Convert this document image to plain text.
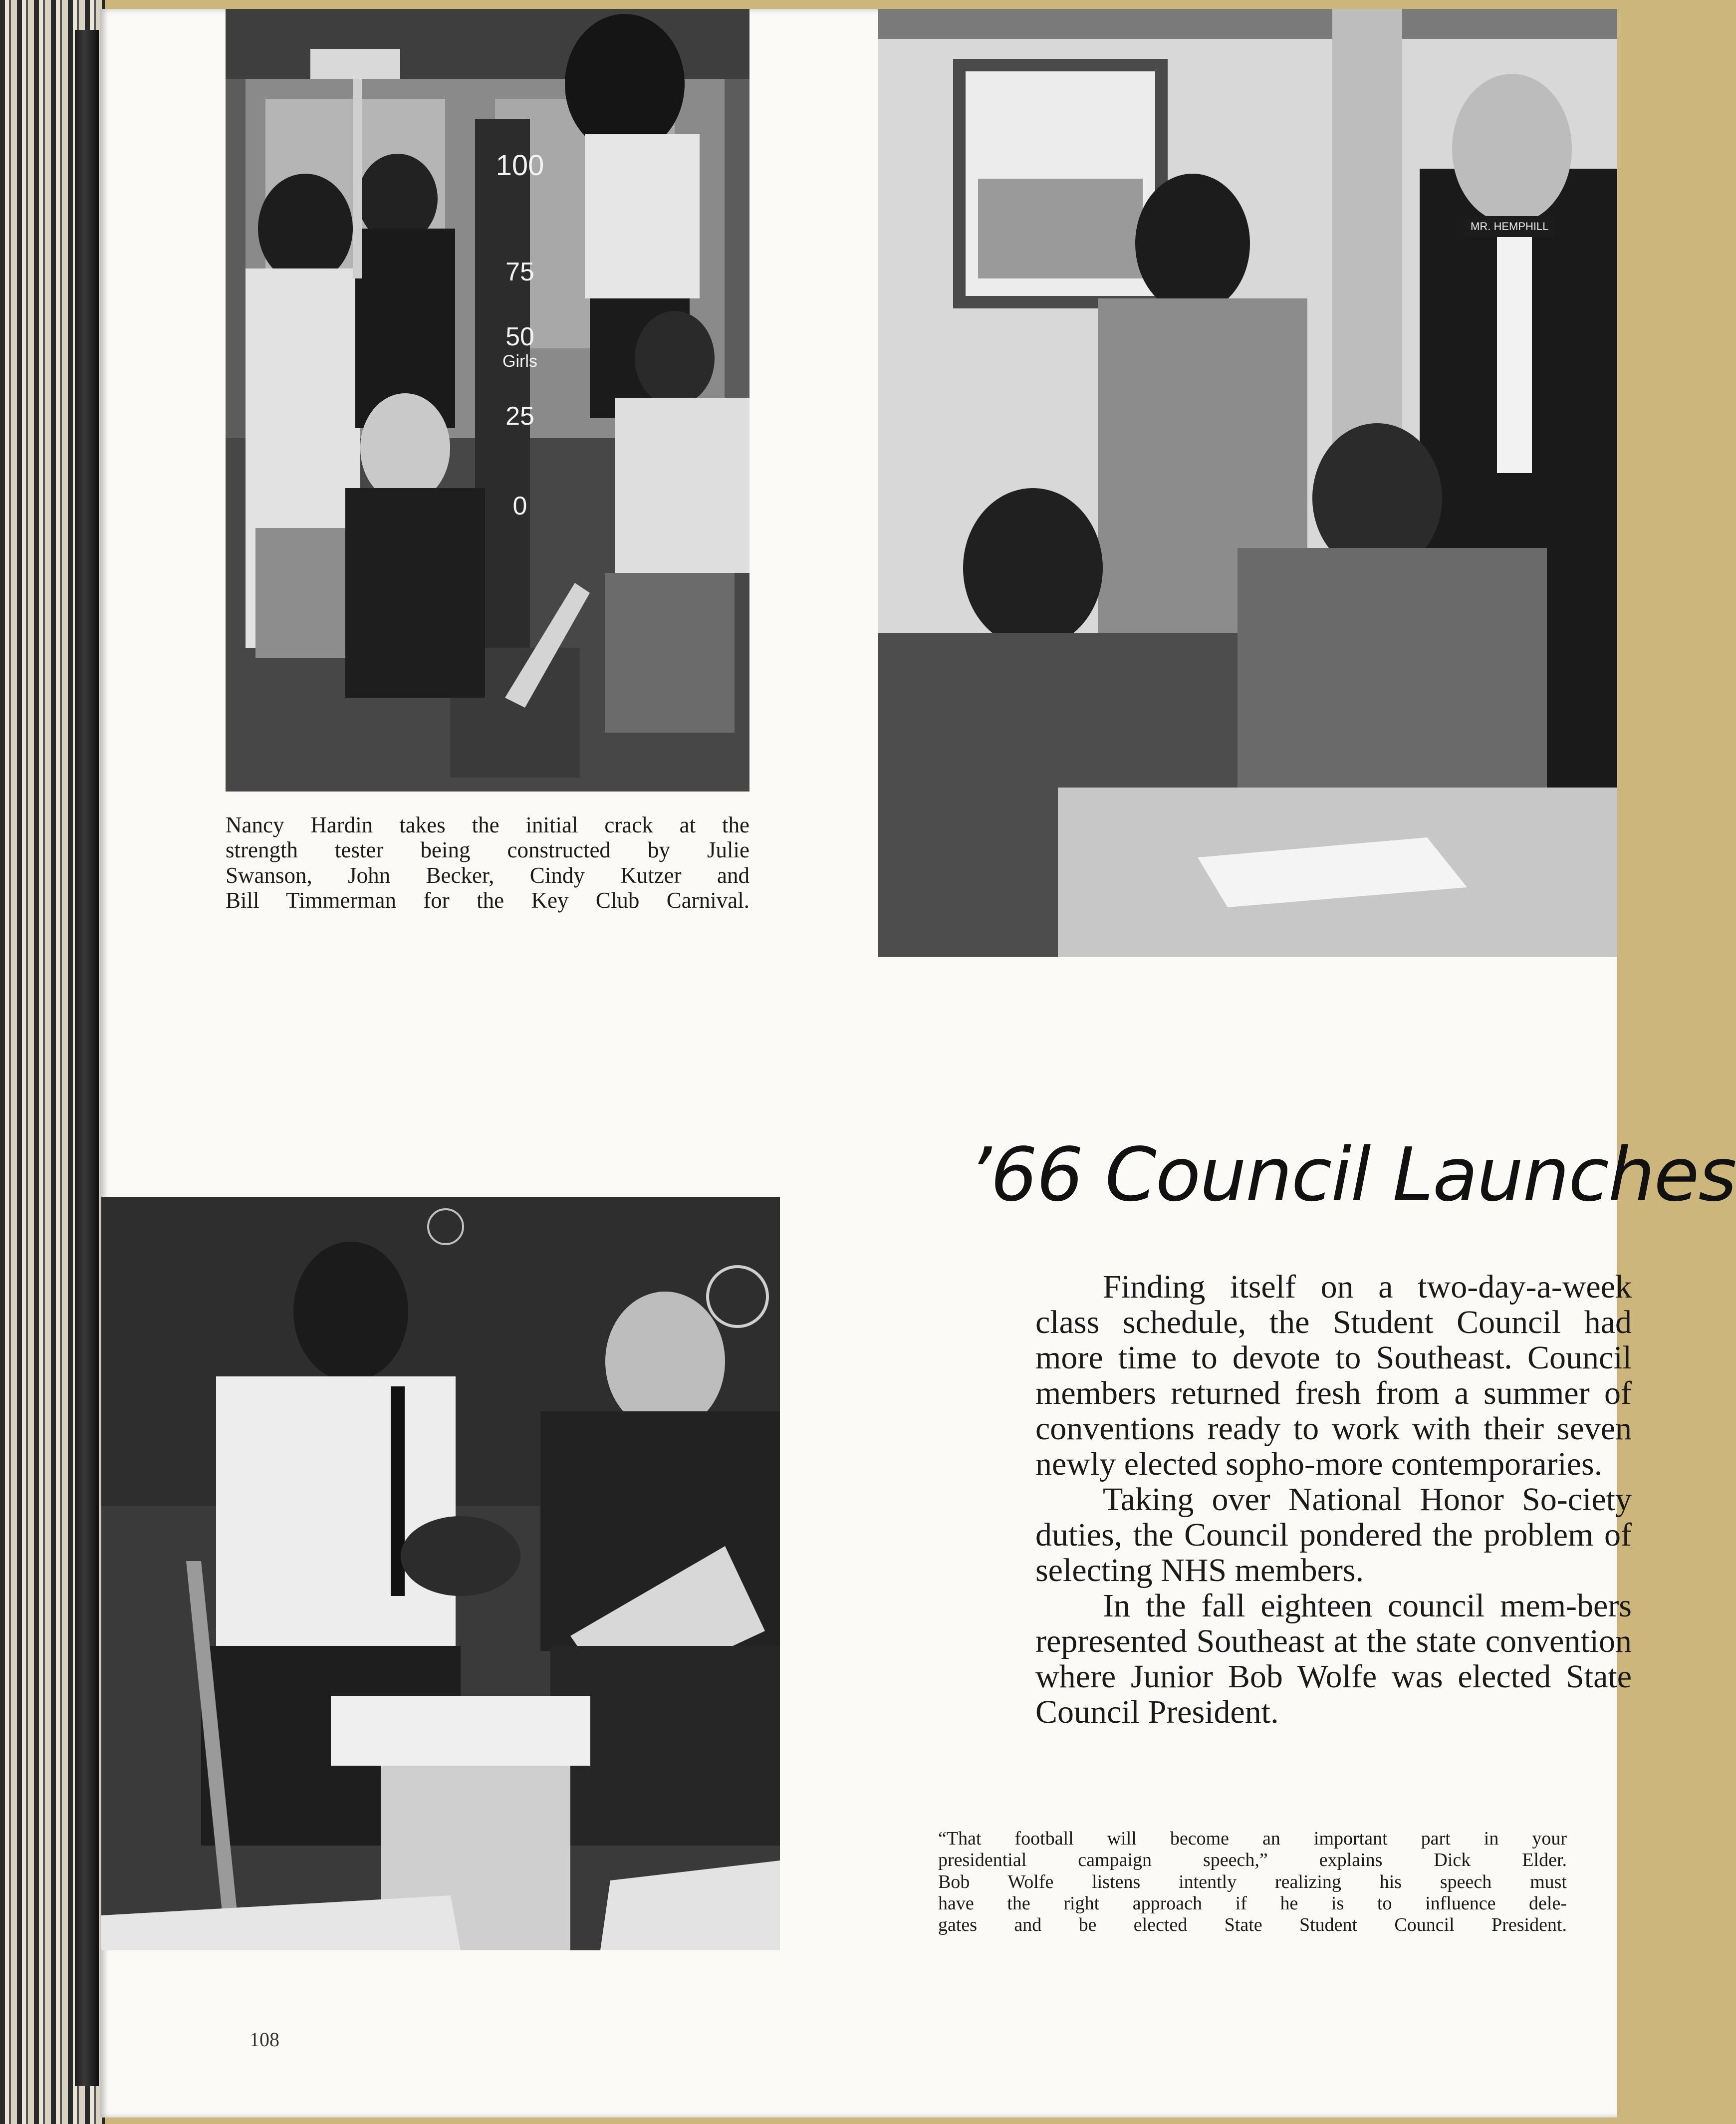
100
75
50
Girls
25
0
Nancy Hardin takes the initial crack at the
strength tester being constructed by Julie
Swanson, John Becker, Cindy Kutzer and
Bill Timmerman for the Key Club Carnival.
MR. HEMPHILL
’66 Council Launches

Finding itself on a two-day-a-week class schedule, the Student Council had more time to devote to Southeast. Council members returned fresh from a summer of conventions ready to work with their seven newly elected sopho-more contemporaries.

Taking over National Honor So-ciety duties, the Council pondered the problem of selecting NHS members.

In the fall eighteen council mem-bers represented Southeast at the state convention where Junior Bob Wolfe was elected State Council President.

“That football will become an important part in your
presidential campaign speech,” explains Dick Elder.
Bob Wolfe listens intently realizing his speech must
have the right approach if he is to influence dele-
gates and be elected State Student Council President.
108
